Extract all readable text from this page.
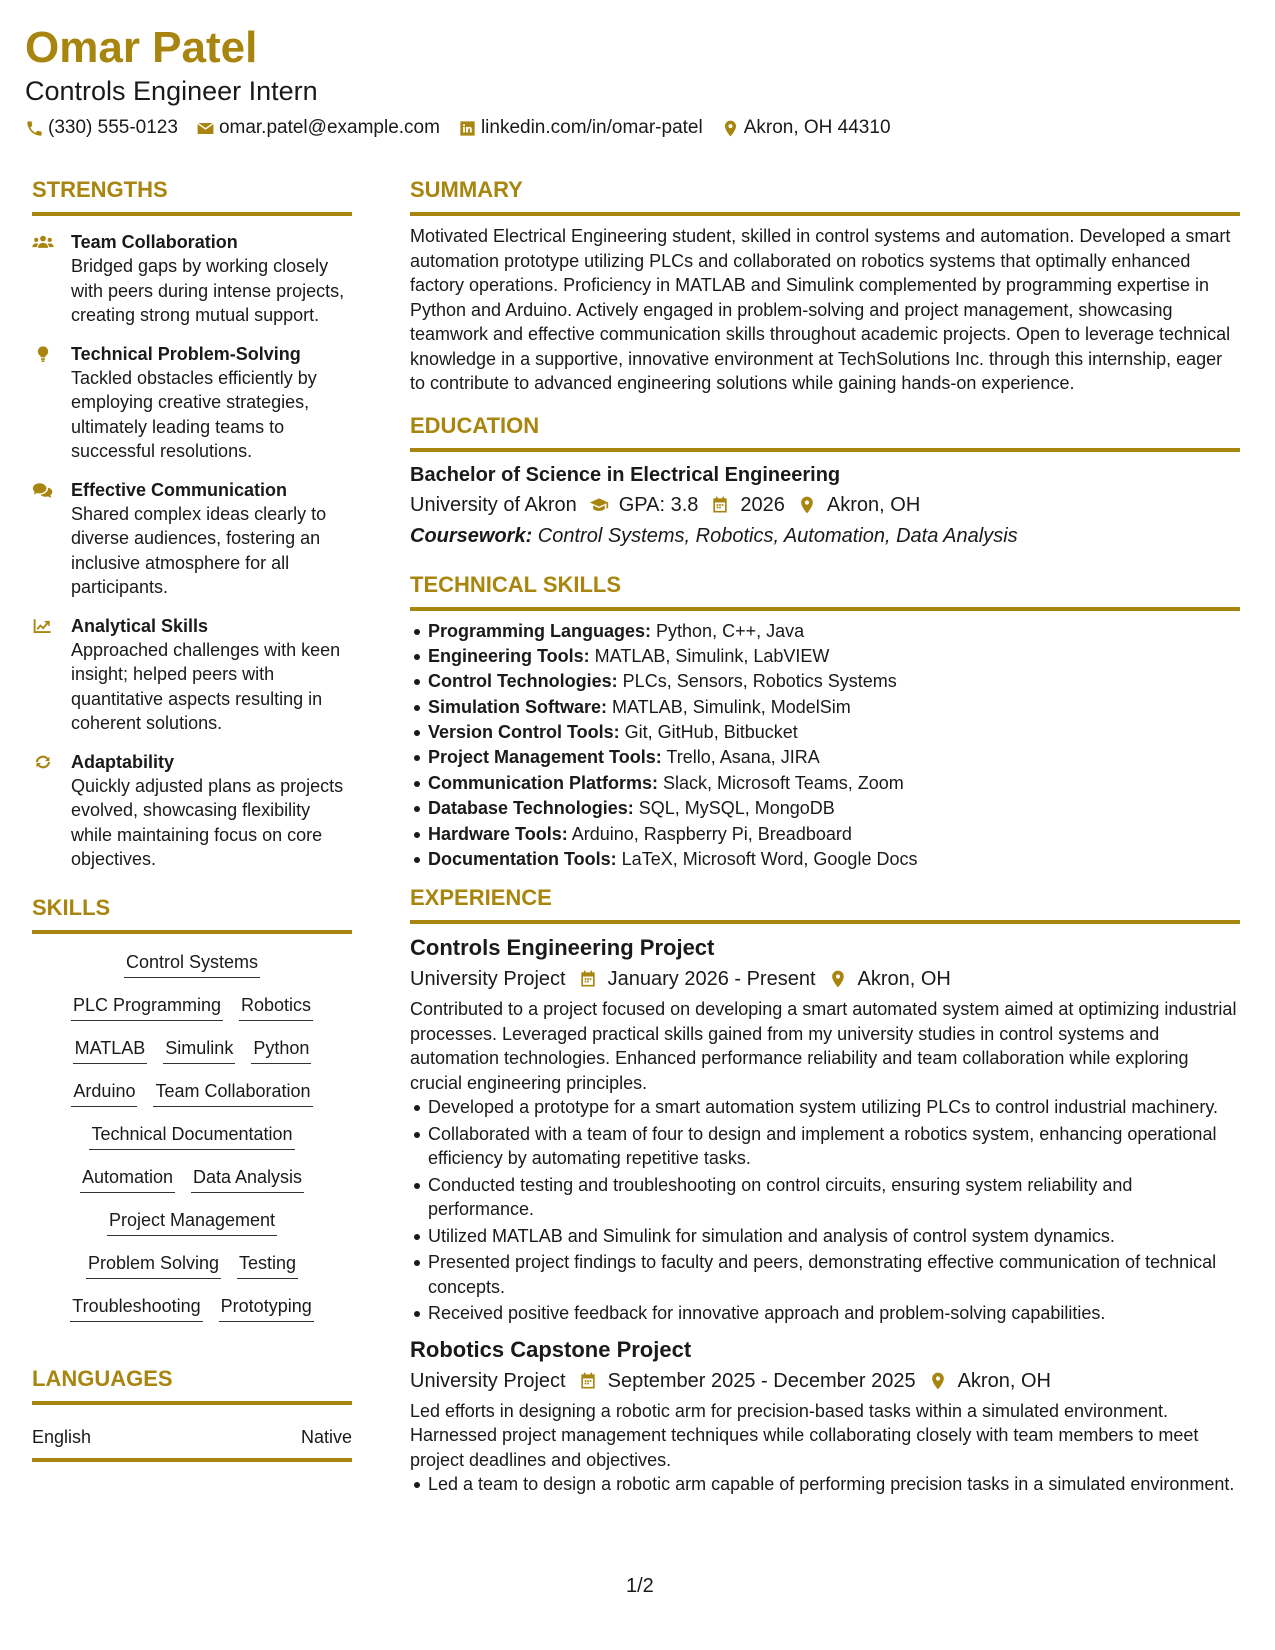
Omar Patel

Controls Engineer Intern

(330) 555-0123 omar.patel@example.com linkedin.com/in/omar-patel Akron, OH 44310
STRENGTHS
Team Collaboration
Bridged gaps by working closely with peers during intense projects, creating strong mutual support.
Technical Problem-Solving
Tackled obstacles efficiently by employing creative strategies, ultimately leading teams to successful resolutions.
Effective Communication
Shared complex ideas clearly to diverse audiences, fostering an inclusive atmosphere for all participants.
Analytical Skills
Approached challenges with keen insight; helped peers with quantitative aspects resulting in coherent solutions.
Adaptability
Quickly adjusted plans as projects evolved, showcasing flexibility while maintaining focus on core objectives.
SKILLS
Control Systems
PLC Programming Robotics
MATLAB Simulink Python
Arduino Team Collaboration
Technical Documentation
Automation Data Analysis
Project Management
Problem Solving Testing
Troubleshooting Prototyping
LANGUAGES
English	Native
SUMMARY

Motivated Electrical Engineering student, skilled in control systems and automation. Developed a smart automation prototype utilizing PLCs and collaborated on robotics systems that optimally enhanced factory operations. Proficiency in MATLAB and Simulink complemented by programming expertise in Python and Arduino. Actively engaged in problem-solving and project management, showcasing teamwork and effective communication skills throughout academic projects. Open to leverage technical knowledge in a supportive, innovative environment at TechSolutions Inc. through this internship, eager to contribute to advanced engineering solutions while gaining hands-on experience.

EDUCATION
Bachelor of Science in Electrical Engineering
University of Akron GPA: 3.8 2026 Akron, OH
Coursework: Control Systems, Robotics, Automation, Data Analysis
TECHNICAL SKILLS
Programming Languages: Python, C++, Java
Engineering Tools: MATLAB, Simulink, LabVIEW
Control Technologies: PLCs, Sensors, Robotics Systems
Simulation Software: MATLAB, Simulink, ModelSim
Version Control Tools: Git, GitHub, Bitbucket
Project Management Tools: Trello, Asana, JIRA
Communication Platforms: Slack, Microsoft Teams, Zoom
Database Technologies: SQL, MySQL, MongoDB
Hardware Tools: Arduino, Raspberry Pi, Breadboard
Documentation Tools: LaTeX, Microsoft Word, Google Docs
EXPERIENCE
Controls Engineering Project
University Project January 2026 - Present Akron, OH

Contributed to a project focused on developing a smart automated system aimed at optimizing industrial processes. Leveraged practical skills gained from my university studies in control systems and automation technologies. Enhanced performance reliability and team collaboration while exploring crucial engineering principles.

Developed a prototype for a smart automation system utilizing PLCs to control industrial machinery.
Collaborated with a team of four to design and implement a robotics system, enhancing operational efficiency by automating repetitive tasks.
Conducted testing and troubleshooting on control circuits, ensuring system reliability and performance.
Utilized MATLAB and Simulink for simulation and analysis of control system dynamics.
Presented project findings to faculty and peers, demonstrating effective communication of technical concepts.
Received positive feedback for innovative approach and problem-solving capabilities.
Robotics Capstone Project
University Project September 2025 - December 2025 Akron, OH

Led efforts in designing a robotic arm for precision-based tasks within a simulated environment. Harnessed project management techniques while collaborating closely with team members to meet project deadlines and objectives.

Led a team to design a robotic arm capable of performing precision tasks in a simulated environment.
1/2
